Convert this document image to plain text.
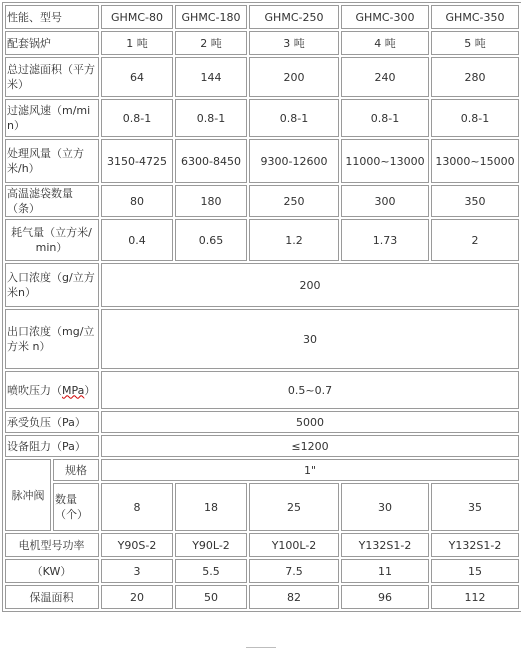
性能、型号		GHMC-80	GHMC-180	GHMC-250	GHMC-300	GHMC-350
配套锅炉		1 吨	2 吨	3 吨	4 吨	5 吨
总过滤面积（平方米）		64	144	200	240	280
过滤风速（m/min）		0.8-1	0.8-1	0.8-1	0.8-1	0.8-1
处理风量（立方米/h）		3150-4725	6300-8450	9300-12600	11000~13000	13000~15000
高温滤袋数量（条）		80	180	250	300	350
耗气量（立方米/min）		0.4	0.65	1.2	1.73	2
入口浓度（g/立方米n）		200				
出口浓度（mg/立方米 n）		30				
喷吹压力（MPa）		0.5~0.7				
承受负压（Pa）		5000				
设备阻力（Pa）		≤1200				
脉冲阀	规格	1"				
	数量（个）	8	18	25	30	35
电机型号功率		Y90S-2	Y90L-2	Y100L-2	Y132S1-2	Y132S1-2
（KW）		3	5.5	7.5	11	15
保温面积		20	50	82	96	112
